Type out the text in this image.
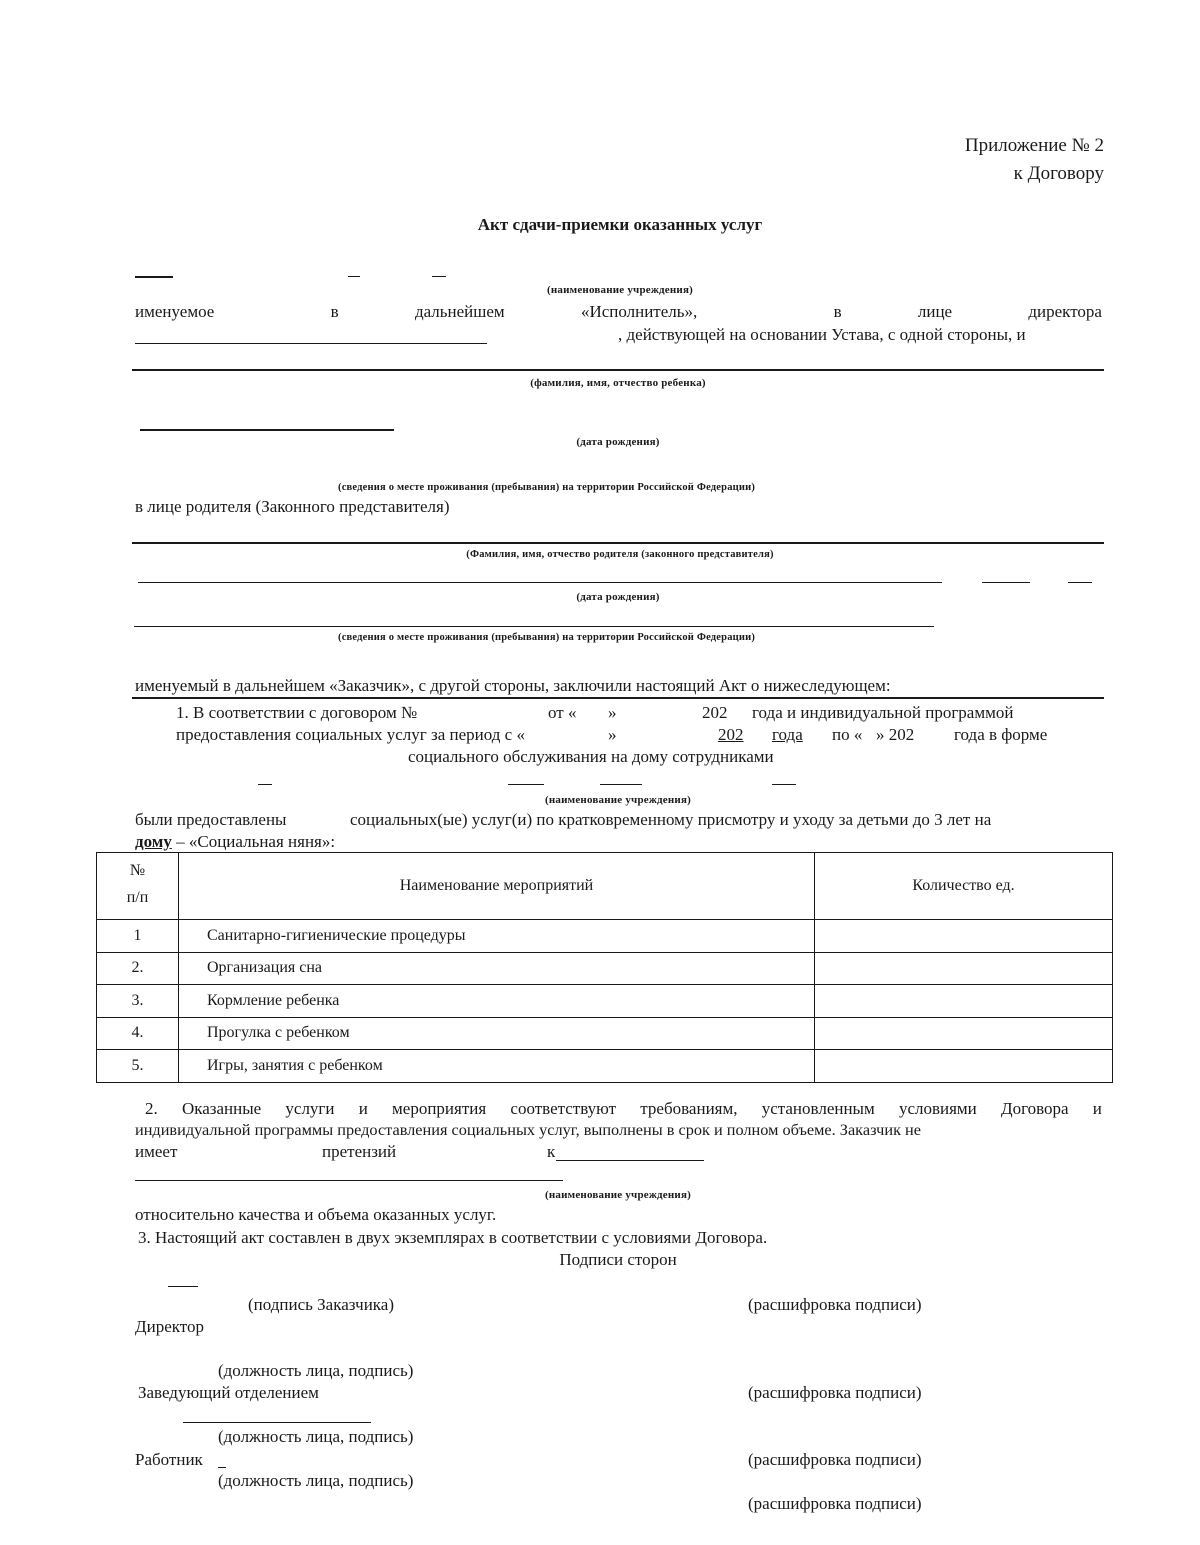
Приложение № 2
к Договору
Акт сдачи-приемки оказанных услуг
(наименование учреждения)
именуемое	в	дальнейшем	«Исполнитель»,	в	лице	директора
, действующей на основании Устава, с одной стороны, и
(фамилия, имя, отчество ребенка)
(дата рождения)
(сведения о месте проживания (пребывания) на территории Российской Федерации)
в лице родителя (Законного представителя)
(Фамилия, имя, отчество родителя (законного представителя)
(дата рождения)
(сведения о месте проживания (пребывания) на территории Российской Федерации)
именуемый в дальнейшем «Заказчик», с другой стороны, заключили настоящий Акт о нижеследующем:
1. В соответствии с договором №	от « »	202 года и индивидуальной программой
предоставления социальных услуг за период с «	»	202 года по « » 202 года в форме
социального обслуживания на дому сотрудниками
(наименование учреждения)
были предоставлены	социальных(ые) услуг(и) по кратковременному присмотру и уходу за детьми до 3 лет на
дому – «Социальная няня»:
№
п/п	Наименование мероприятий	Количество ед.
1	Санитарно-гигиенические процедуры	
2.	Организация сна	
3.	Кормление ребенка	
4.	Прогулка с ребенком	
5.	Игры, занятия с ребенком	
2. Оказанные услуги и мероприятия соответствуют требованиям, установленным условиями Договора и
индивидуальной программы предоставления социальных услуг, выполнены в срок и полном объеме. Заказчик не
имеет	претензий	к
(наименование учреждения)
относительно качества и объема оказанных услуг.
3. Настоящий акт составлен в двух экземплярах в соответствии с условиями Договора.
Подписи сторон
(подпись Заказчика)	(расшифровка подписи)
Директор
(должность лица, подпись)
Заведующий отделением	(расшифровка подписи)
(должность лица, подпись)
Работник	(расшифровка подписи)
(должность лица, подпись)
(расшифровка подписи)
